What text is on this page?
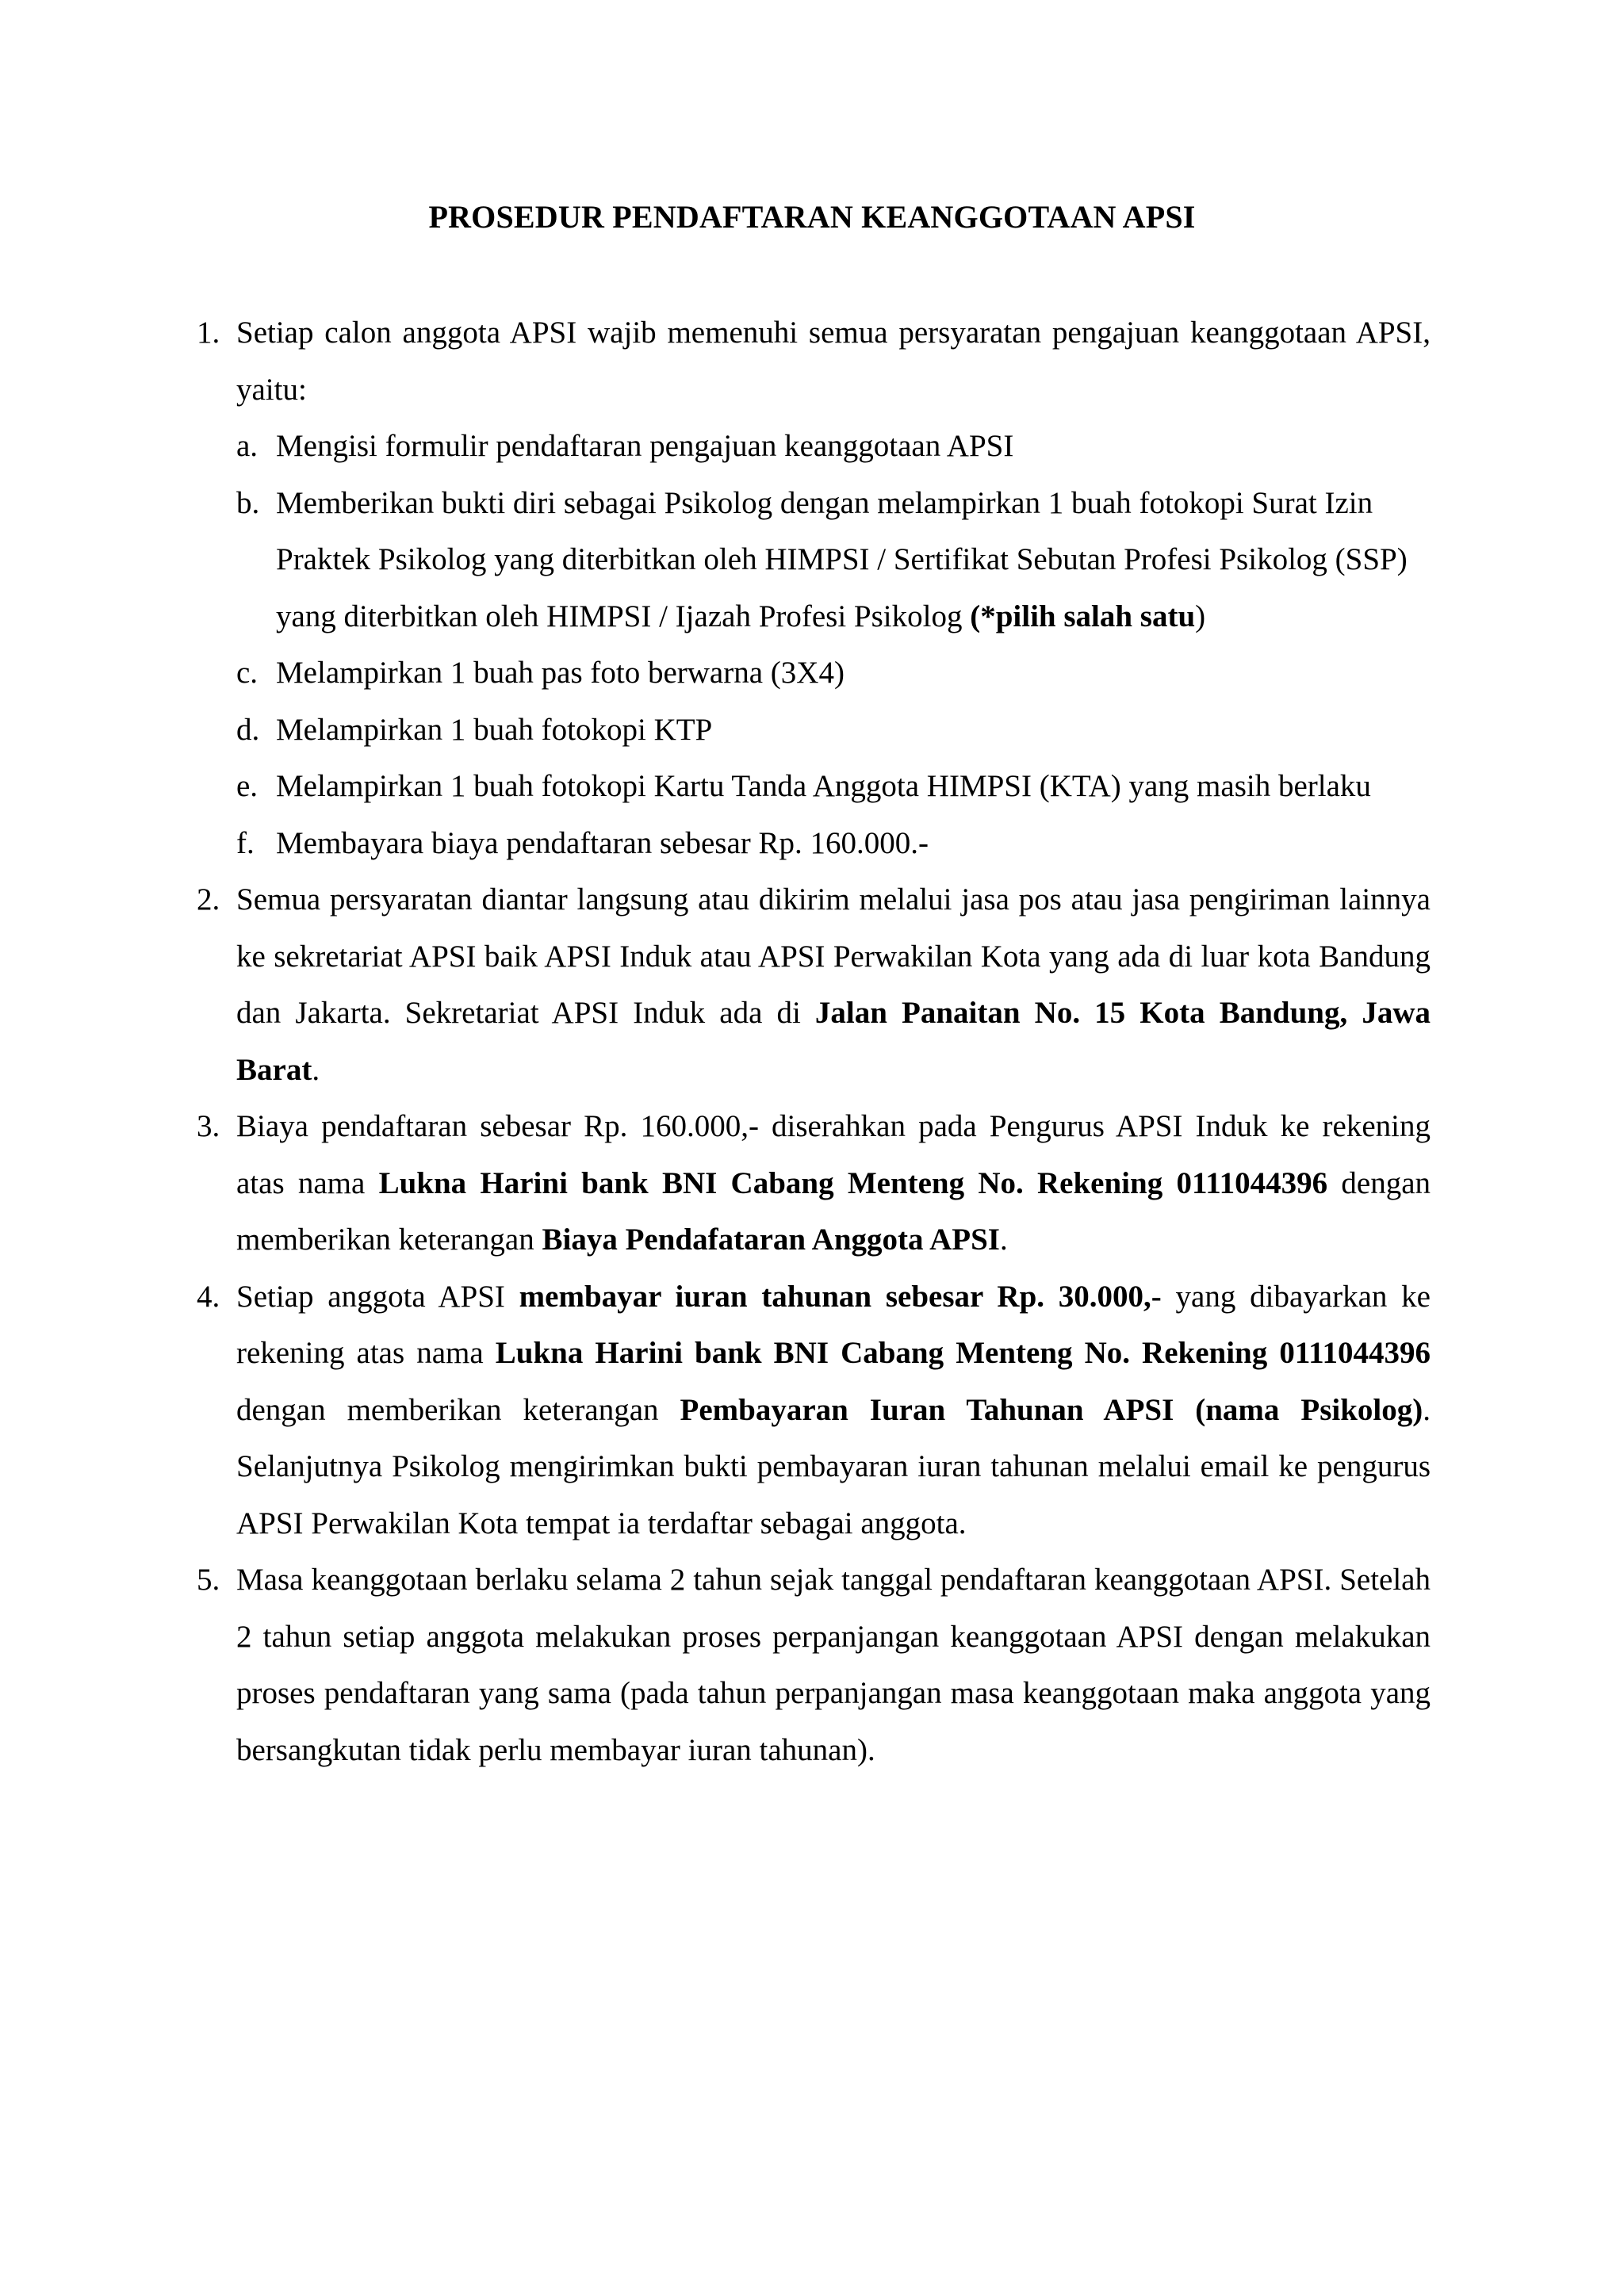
PROSEDUR PENDAFTARAN KEANGGOTAAN APSI
1. Setiap calon anggota APSI wajib memenuhi semua persyaratan pengajuan keanggotaan APSI, yaitu:
a. Mengisi formulir pendaftaran pengajuan keanggotaan APSI
b. Memberikan bukti diri sebagai Psikolog dengan melampirkan 1 buah fotokopi Surat Izin Praktek Psikolog yang diterbitkan oleh HIMPSI / Sertifikat Sebutan Profesi Psikolog (SSP) yang diterbitkan oleh HIMPSI / Ijazah Profesi Psikolog (*pilih salah satu)
c. Melampirkan 1 buah pas foto berwarna (3X4)
d. Melampirkan 1 buah fotokopi KTP
e. Melampirkan 1 buah fotokopi Kartu Tanda Anggota HIMPSI (KTA) yang masih berlaku
f. Membayara biaya pendaftaran sebesar Rp. 160.000.-
2. Semua persyaratan diantar langsung atau dikirim melalui jasa pos atau jasa pengiriman lainnya ke sekretariat APSI baik APSI Induk atau APSI Perwakilan Kota yang ada di luar kota Bandung dan Jakarta. Sekretariat APSI Induk ada di Jalan Panaitan No. 15 Kota Bandung, Jawa Barat.
3. Biaya pendaftaran sebesar Rp. 160.000,- diserahkan pada Pengurus APSI Induk ke rekening atas nama Lukna Harini bank BNI Cabang Menteng No. Rekening 0111044396 dengan memberikan keterangan Biaya Pendafataran Anggota APSI.
4. Setiap anggota APSI membayar iuran tahunan sebesar Rp. 30.000,- yang dibayarkan ke rekening atas nama Lukna Harini bank BNI Cabang Menteng No. Rekening 0111044396 dengan memberikan keterangan Pembayaran Iuran Tahunan APSI (nama Psikolog). Selanjutnya Psikolog mengirimkan bukti pembayaran iuran tahunan melalui email ke pengurus APSI Perwakilan Kota tempat ia terdaftar sebagai anggota.
5. Masa keanggotaan berlaku selama 2 tahun sejak tanggal pendaftaran keanggotaan APSI. Setelah 2 tahun setiap anggota melakukan proses perpanjangan keanggotaan APSI dengan melakukan proses pendaftaran yang sama (pada tahun perpanjangan masa keanggotaan maka anggota yang bersangkutan tidak perlu membayar iuran tahunan).
